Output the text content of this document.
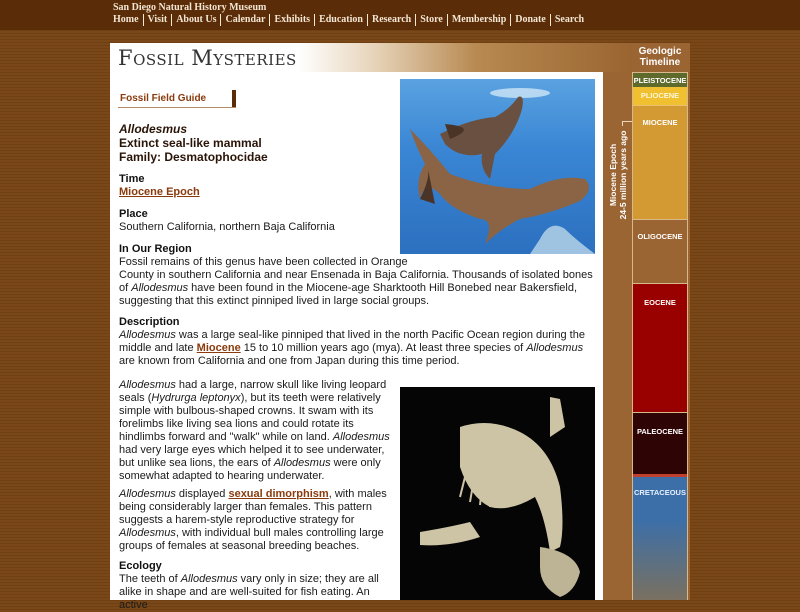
San Diego Natural History Museum
Home Visit About Us Calendar Exhibits Education Research Store Membership Donate Search
Fossil Mysteries
Fossil Field Guide
Allodesmus
Extinct seal-like mammal
Family: Desmatophocidae
Time
Miocene Epoch
Place
Southern California, northern Baja California
In Our Region
Fossil remains of this genus have been collected in Orange
County in southern California and near Ensenada in Baja California. Thousands of isolated bones of Allodesmus have been found in the Miocene-age Sharktooth Hill Bonebed near Bakersfield, suggesting that this extinct pinniped lived in large social groups.
Description
Allodesmus was a large seal-like pinniped that lived in the north Pacific Ocean region during the middle and late Miocene 15 to 10 million years ago (mya). At least three species of Allodesmus are known from California and one from Japan during this time period.
Allodesmus had a large, narrow skull like living leopard seals (Hydrurga leptonyx), but its teeth were relatively simple with bulbous-shaped crowns. It swam with its forelimbs like living sea lions and could rotate its hindlimbs forward and "walk" while on land. Allodesmus had very large eyes which helped it to see underwater, but unlike sea lions, the ears of Allodesmus were only somewhat adapted to hearing underwater.
Allodesmus displayed sexual dimorphism, with males being considerably larger than females. This pattern suggests a harem-style reproductive strategy for Allodesmus, with individual bull males controlling large groups of females at seasonal breeding beaches.
Ecology
The teeth of Allodesmus vary only in size; they are all alike in shape and are well-suited for fish eating. An active
Geologic
Timeline
Miocene Epoch 24-5 million years ago
PLEISTOCENE
PLIOCENE
MIOCENE
OLIGOCENE
EOCENE
PALEOCENE
CRETACEOUS
